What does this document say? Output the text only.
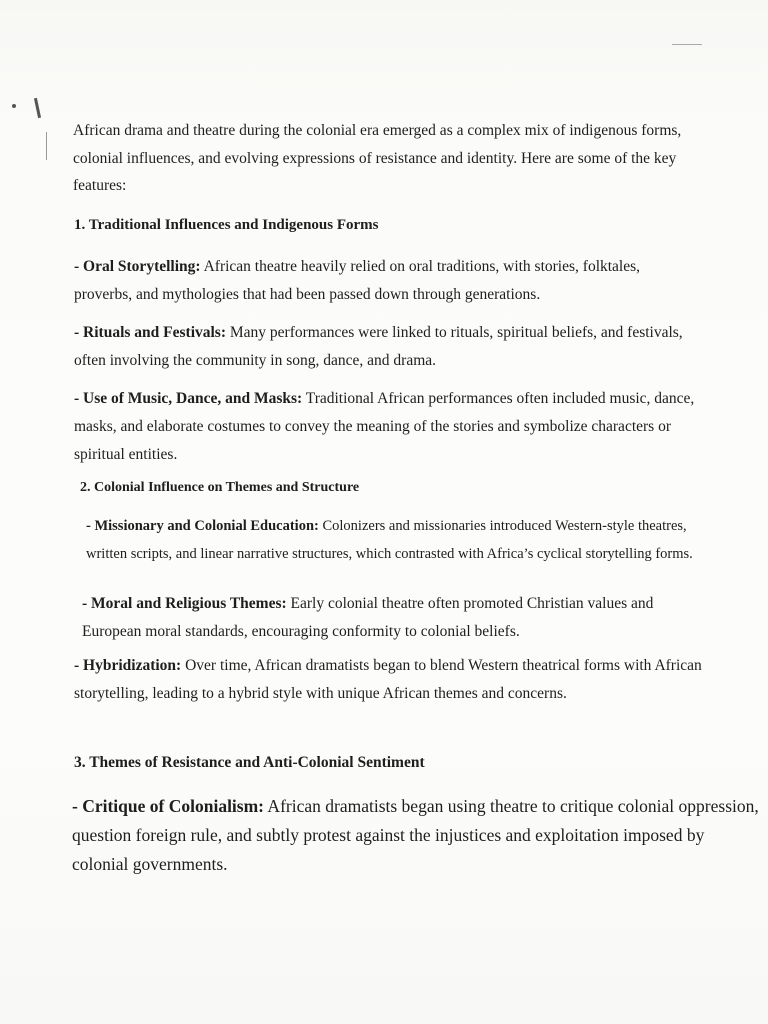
African drama and theatre during the colonial era emerged as a complex mix of indigenous forms, colonial influences, and evolving expressions of resistance and identity. Here are some of the key features:

1. Traditional Influences and Indigenous Forms

- Oral Storytelling: African theatre heavily relied on oral traditions, with stories, folktales, proverbs, and mythologies that had been passed down through generations.

- Rituals and Festivals: Many performances were linked to rituals, spiritual beliefs, and festivals, often involving the community in song, dance, and drama.

- Use of Music, Dance, and Masks: Traditional African performances often included music, dance, masks, and elaborate costumes to convey the meaning of the stories and symbolize characters or spiritual entities.

2. Colonial Influence on Themes and Structure

- Missionary and Colonial Education: Colonizers and missionaries introduced Western-style theatres, written scripts, and linear narrative structures, which contrasted with Africa’s cyclical storytelling forms.

- Moral and Religious Themes: Early colonial theatre often promoted Christian values and European moral standards, encouraging conformity to colonial beliefs.

- Hybridization: Over time, African dramatists began to blend Western theatrical forms with African storytelling, leading to a hybrid style with unique African themes and concerns.

3. Themes of Resistance and Anti-Colonial Sentiment

- Critique of Colonialism: African dramatists began using theatre to critique colonial oppression, question foreign rule, and subtly protest against the injustices and exploitation imposed by colonial governments.
